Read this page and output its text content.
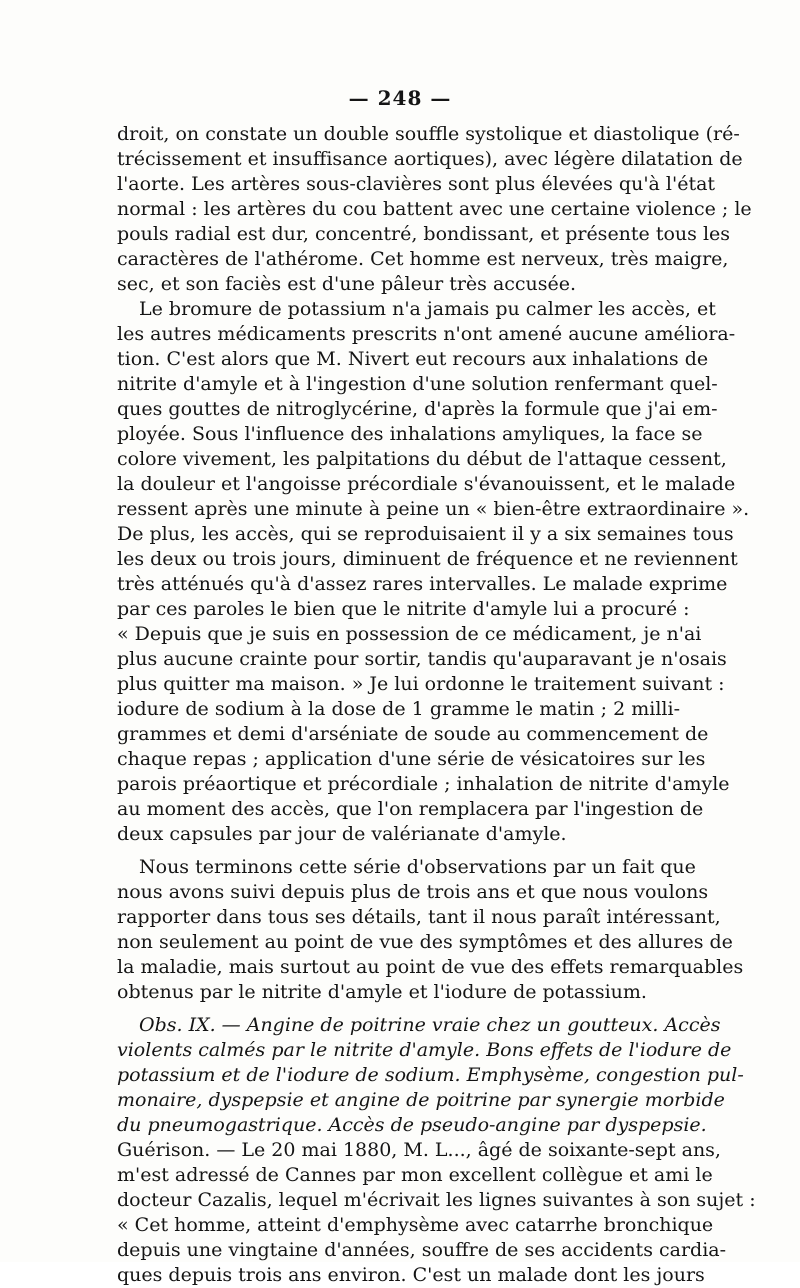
— 248 —
droit, on constate un double souffle systolique et diastolique (ré-
trécissement et insuffisance aortiques), avec légère dilatation de
l'aorte. Les artères sous-clavières sont plus élevées qu'à l'état
normal : les artères du cou battent avec une certaine violence ; le
pouls radial est dur, concentré, bondissant, et présente tous les
caractères de l'athérome. Cet homme est nerveux, très maigre,
sec, et son faciès est d'une pâleur très accusée.
Le bromure de potassium n'a jamais pu calmer les accès, et
les autres médicaments prescrits n'ont amené aucune améliora-
tion. C'est alors que M. Nivert eut recours aux inhalations de
nitrite d'amyle et à l'ingestion d'une solution renfermant quel-
ques gouttes de nitroglycérine, d'après la formule que j'ai em-
ployée. Sous l'influence des inhalations amyliques, la face se
colore vivement, les palpitations du début de l'attaque cessent,
la douleur et l'angoisse précordiale s'évanouissent, et le malade
ressent après une minute à peine un « bien-être extraordinaire ».
De plus, les accès, qui se reproduisaient il y a six semaines tous
les deux ou trois jours, diminuent de fréquence et ne reviennent
très atténués qu'à d'assez rares intervalles. Le malade exprime
par ces paroles le bien que le nitrite d'amyle lui a procuré :
« Depuis que je suis en possession de ce médicament, je n'ai
plus aucune crainte pour sortir, tandis qu'auparavant je n'osais
plus quitter ma maison. » Je lui ordonne le traitement suivant :
iodure de sodium à la dose de 1 gramme le matin ; 2 milli-
grammes et demi d'arséniate de soude au commencement de
chaque repas ; application d'une série de vésicatoires sur les
parois préaortique et précordiale ; inhalation de nitrite d'amyle
au moment des accès, que l'on remplacera par l'ingestion de
deux capsules par jour de valérianate d'amyle.
Nous terminons cette série d'observations par un fait que
nous avons suivi depuis plus de trois ans et que nous voulons
rapporter dans tous ses détails, tant il nous paraît intéressant,
non seulement au point de vue des symptômes et des allures de
la maladie, mais surtout au point de vue des effets remarquables
obtenus par le nitrite d'amyle et l'iodure de potassium.
Obs. IX. — Angine de poitrine vraie chez un goutteux. Accès
violents calmés par le nitrite d'amyle. Bons effets de l'iodure de
potassium et de l'iodure de sodium. Emphysème, congestion pul-
monaire, dyspepsie et angine de poitrine par synergie morbide
du pneumogastrique. Accès de pseudo-angine par dyspepsie.
Guérison. — Le 20 mai 1880, M. L..., âgé de soixante-sept ans,
m'est adressé de Cannes par mon excellent collègue et ami le
docteur Cazalis, lequel m'écrivait les lignes suivantes à son sujet :
« Cet homme, atteint d'emphysème avec catarrhe bronchique
depuis une vingtaine d'années, souffre de ses accidents cardia-
ques depuis trois ans environ. C'est un malade dont les jours
